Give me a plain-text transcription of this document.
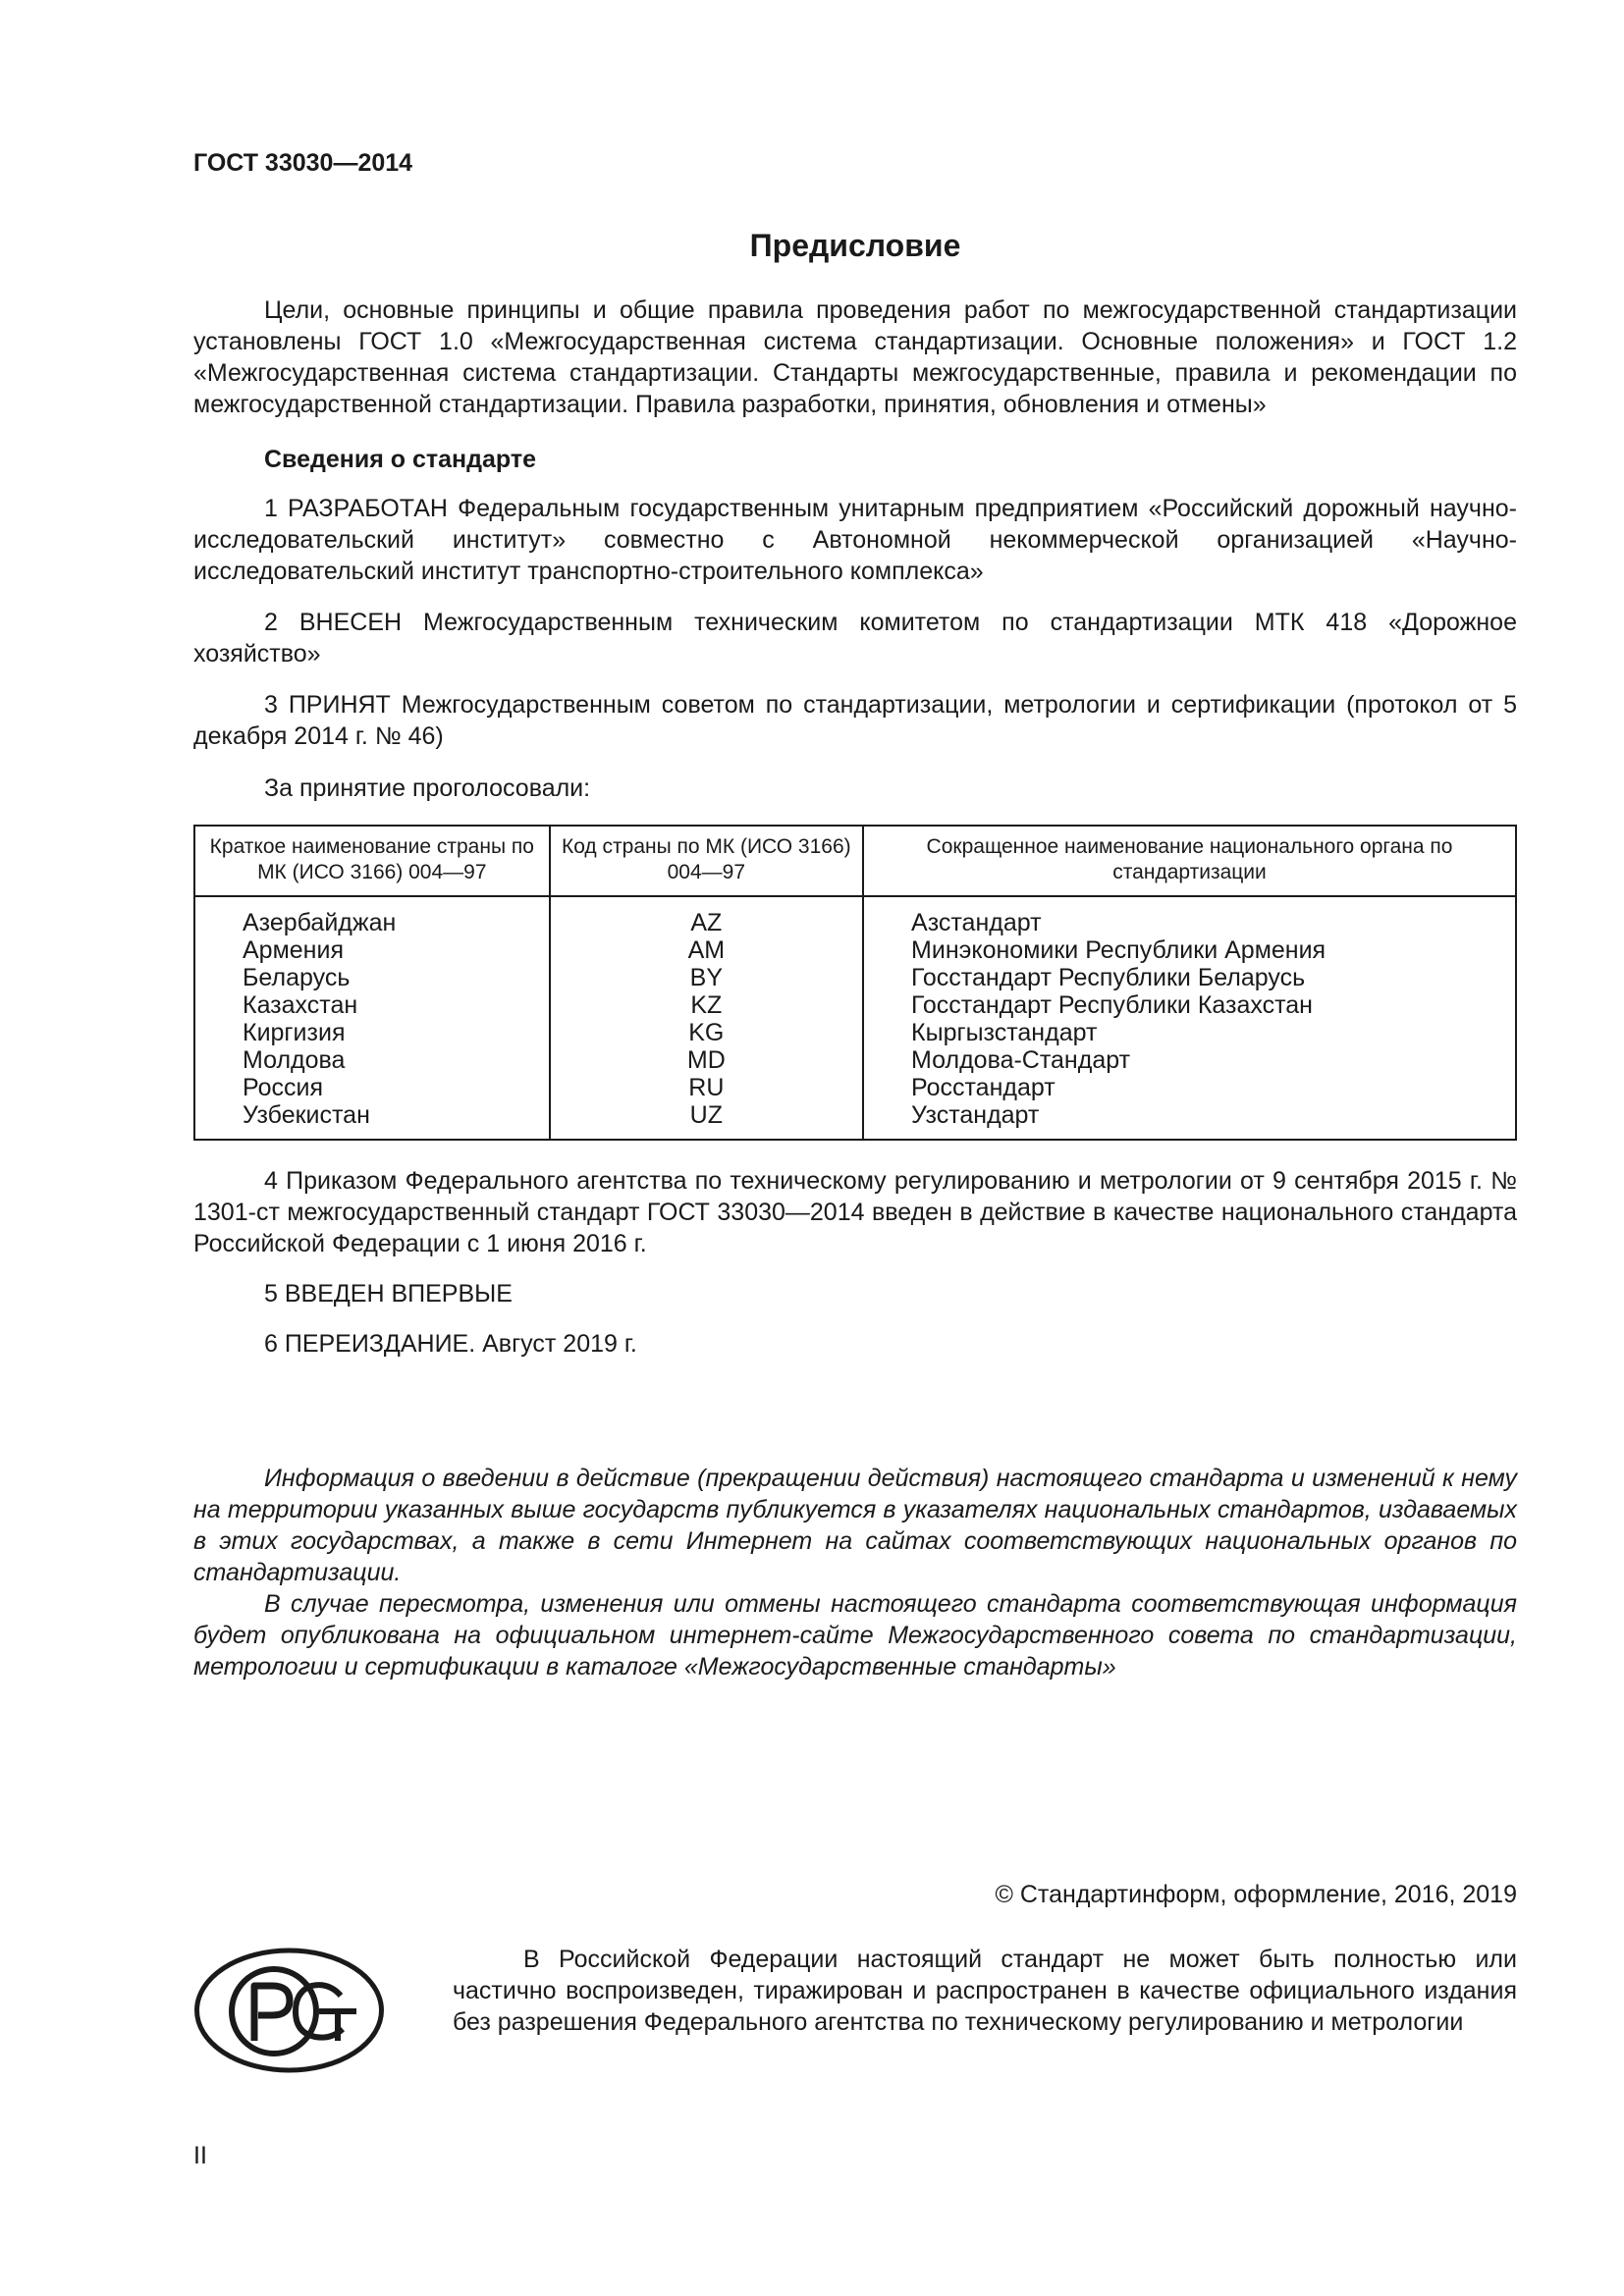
ГОСТ 33030—2014
Предисловие

Цели, основные принципы и общие правила проведения работ по межгосударственной стандартизации установлены ГОСТ 1.0 «Межгосударственная система стандартизации. Основные положения» и ГОСТ 1.2 «Межгосударственная система стандартизации. Стандарты межгосударственные, правила и рекомендации по межгосударственной стандартизации. Правила разработки, принятия, обновления и отмены»

Сведения о стандарте

1 РАЗРАБОТАН Федеральным государственным унитарным предприятием «Российский дорожный научно-исследовательский институт» совместно с Автономной некоммерческой организацией «Научно-исследовательский институт транспортно-строительного комплекса»

2 ВНЕСЕН Межгосударственным техническим комитетом по стандартизации МТК 418 «Дорожное хозяйство»

3 ПРИНЯТ Межгосударственным советом по стандартизации, метрологии и сертификации (протокол от 5 декабря 2014 г. № 46)

За принятие проголосовали:
Краткое наименование страны по МК (ИСО 3166) 004—97	Код страны по МК (ИСО 3166) 004—97	Сокращенное наименование национального органа по стандартизации
Азербайджан	AZ	Азстандарт
Армения	AM	Минэкономики Республики Армения
Беларусь	BY	Госстандарт Республики Беларусь
Казахстан	KZ	Госстандарт Республики Казахстан
Киргизия	KG	Кыргызстандарт
Молдова	MD	Молдова-Стандарт
Россия	RU	Росстандарт
Узбекистан	UZ	Узстандарт

4 Приказом Федерального агентства по техническому регулированию и метрологии от 9 сентября 2015 г. № 1301-ст межгосударственный стандарт ГОСТ 33030—2014 введен в действие в качестве национального стандарта Российской Федерации с 1 июня 2016 г.

5 ВВЕДЕН ВПЕРВЫЕ
6 ПЕРЕИЗДАНИЕ. Август 2019 г.

Информация о введении в действие (прекращении действия) настоящего стандарта и изменений к нему на территории указанных выше государств публикуется в указателях национальных стандартов, издаваемых в этих государствах, а также в сети Интернет на сайтах соответствующих национальных органов по стандартизации.

В случае пересмотра, изменения или отмены настоящего стандарта соответствующая информация будет опубликована на официальном интернет-сайте Межгосударственного совета по стандартизации, метрологии и сертификации в каталоге «Межгосударственные стандарты»

© Стандартинформ, оформление, 2016, 2019

В Российской Федерации настоящий стандарт не может быть полностью или частично воспроизведен, тиражирован и распространен в качестве официального издания без разрешения Федерального агентства по техническому регулированию и метрологии

II
